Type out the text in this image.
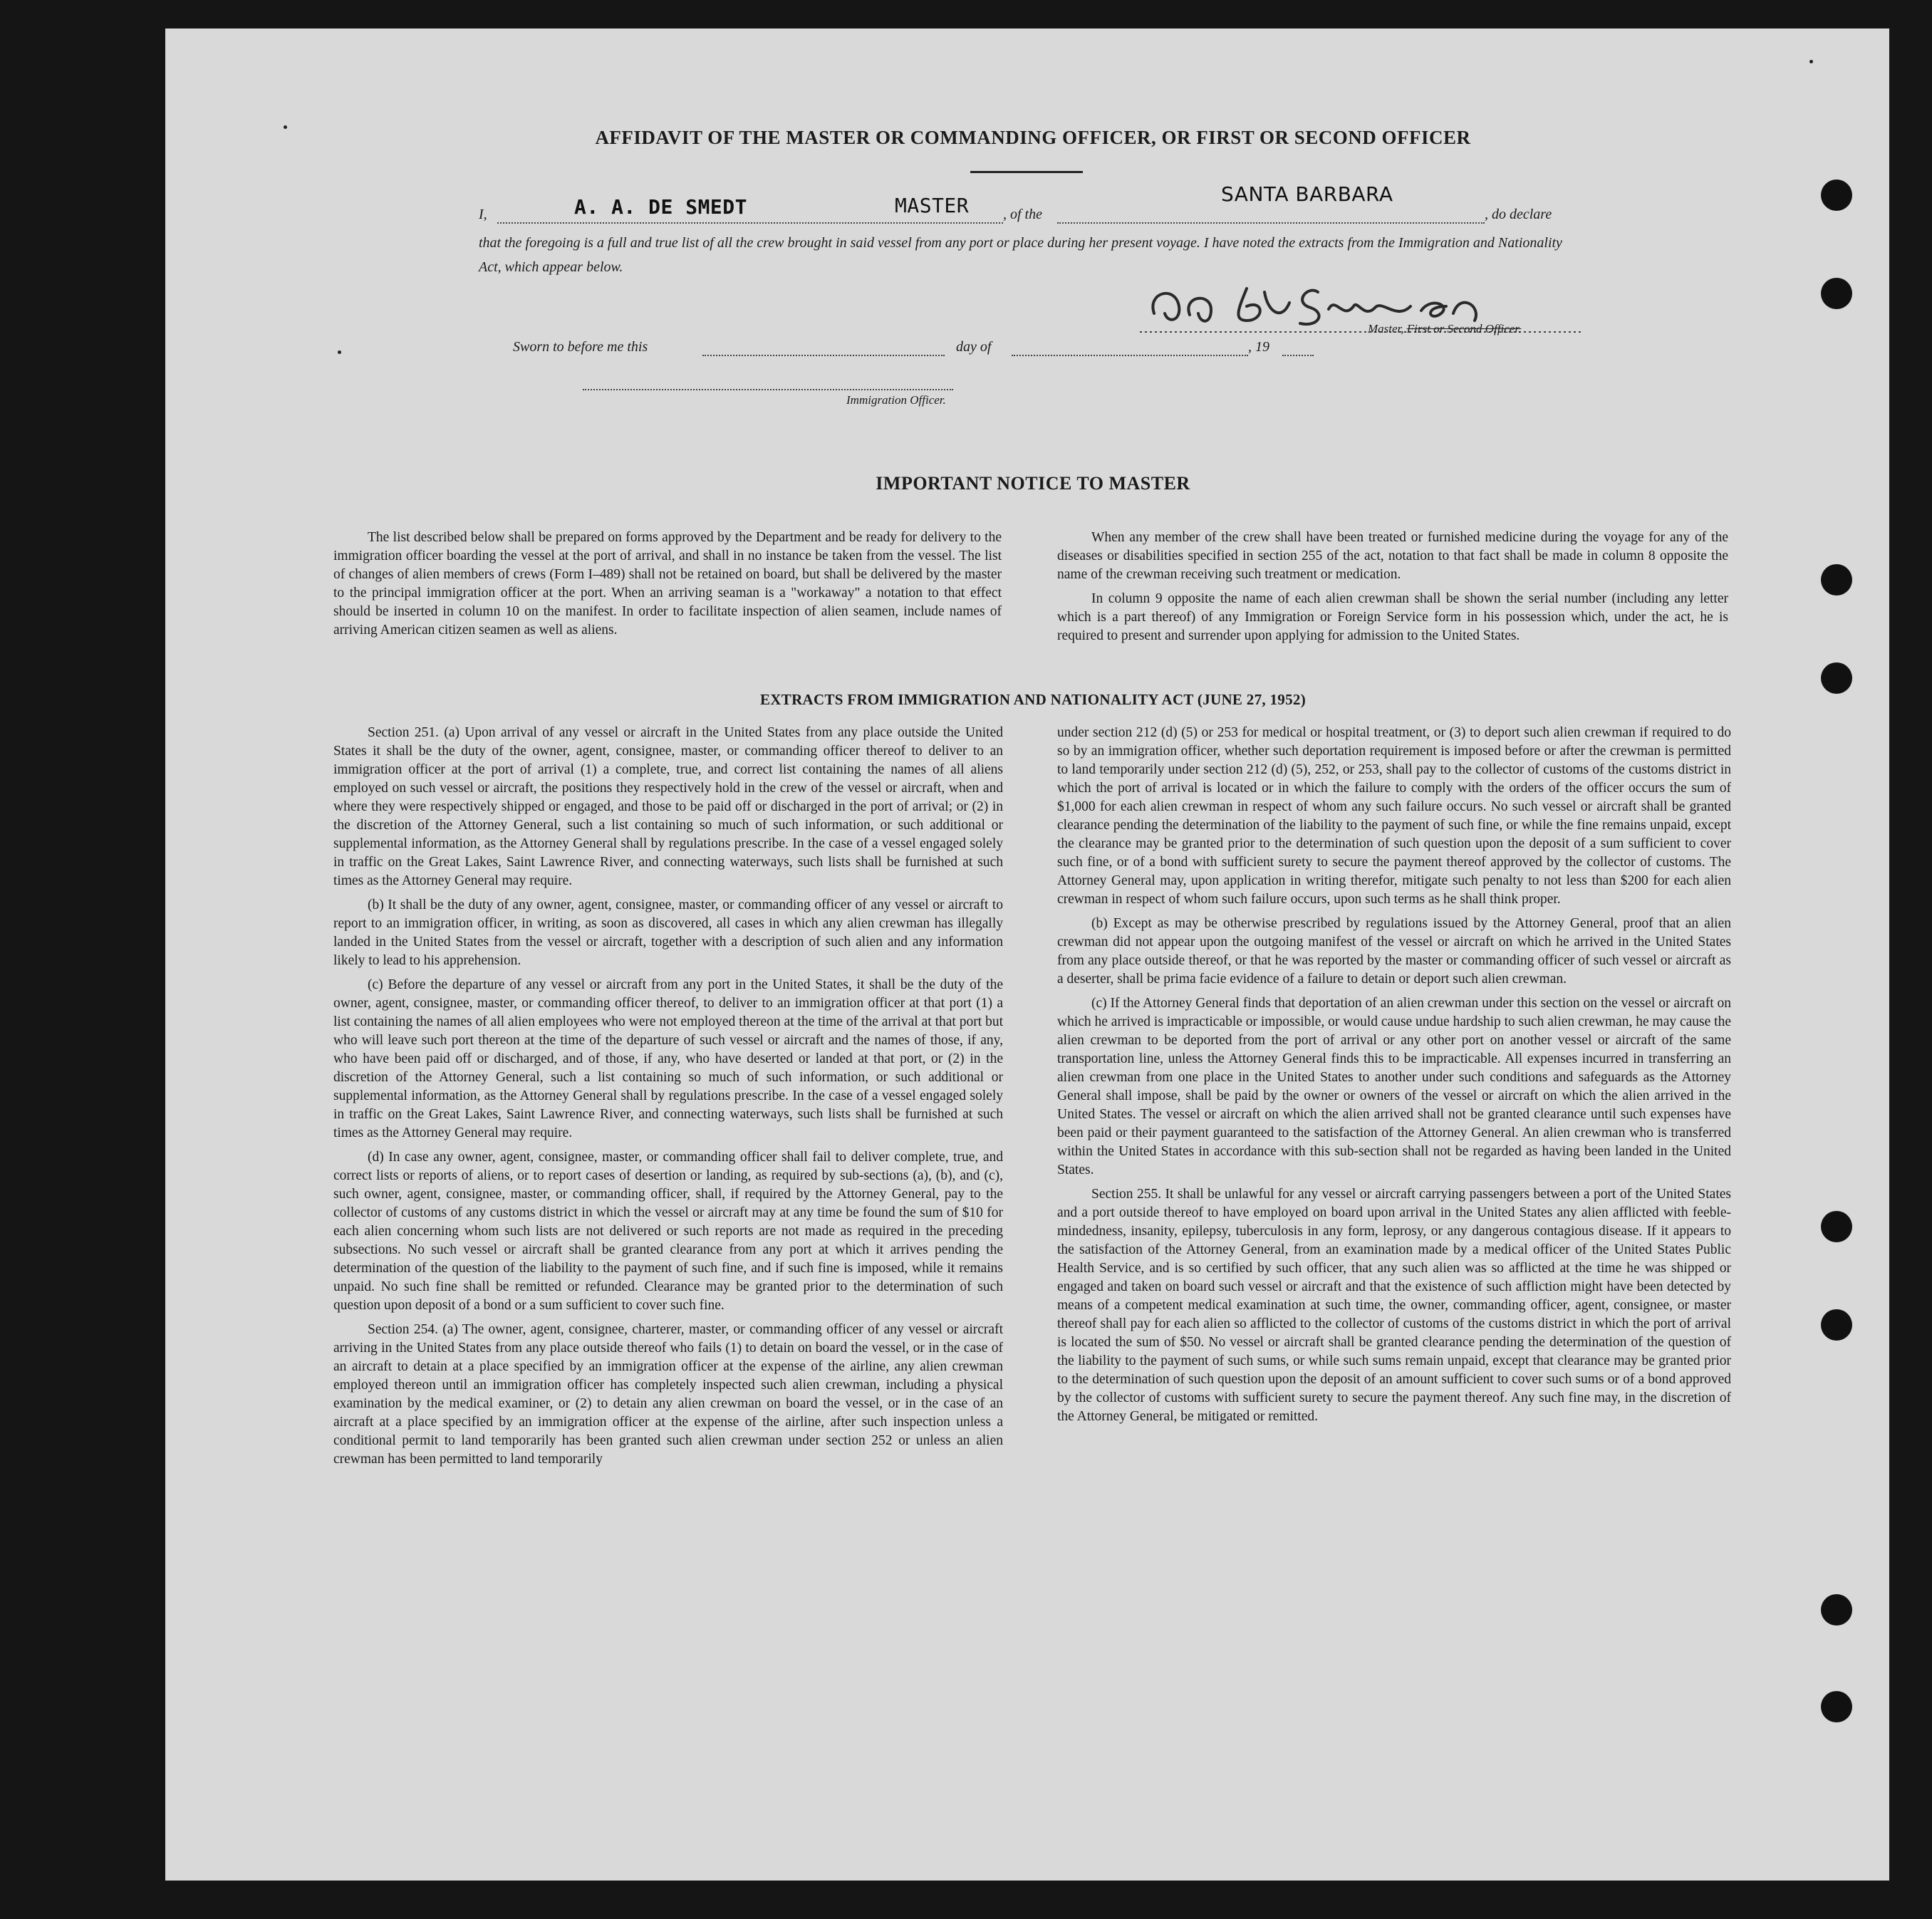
AFFIDAVIT OF THE MASTER OR COMMANDING OFFICER, OR FIRST OR SECOND OFFICER
I,	A. A. DE SMEDT	MASTER , of the
SANTA BARBARA
, do declare
that the foregoing is a full and true list of all the crew brought in said vessel from any port or place during her present voyage. I have noted the extracts from the Immigration and Nationality Act, which appear below.
Master, First or Second Officer.
Sworn to before me this	day of	, 19
Immigration Officer.
IMPORTANT NOTICE TO MASTER

The list described below shall be prepared on forms approved by the Department and be ready for delivery to the immigration officer boarding the vessel at the port of arrival, and shall in no instance be taken from the vessel. The list of changes of alien members of crews (Form I–489) shall not be retained on board, but shall be delivered by the master to the principal immigration officer at the port. When an arriving seaman is a "workaway" a notation to that effect should be inserted in column 10 on the manifest. In order to facilitate inspection of alien seamen, include names of arriving American citizen seamen as well as aliens.

When any member of the crew shall have been treated or furnished medicine during the voyage for any of the diseases or disabilities specified in section 255 of the act, notation to that fact shall be made in column 8 opposite the name of the crewman receiving such treatment or medication.

In column 9 opposite the name of each alien crewman shall be shown the serial number (including any letter which is a part thereof) of any Immigration or Foreign Service form in his possession which, under the act, he is required to present and surrender upon applying for admission to the United States.

EXTRACTS FROM IMMIGRATION AND NATIONALITY ACT (JUNE 27, 1952)

Section 251. (a) Upon arrival of any vessel or aircraft in the United States from any place outside the United States it shall be the duty of the owner, agent, consignee, master, or commanding officer thereof to deliver to an immigration officer at the port of arrival (1) a complete, true, and correct list containing the names of all aliens employed on such vessel or aircraft, the positions they respectively hold in the crew of the vessel or aircraft, when and where they were respectively shipped or engaged, and those to be paid off or discharged in the port of arrival; or (2) in the discretion of the Attorney General, such a list containing so much of such information, or such additional or supplemental information, as the Attorney General shall by regulations prescribe. In the case of a vessel engaged solely in traffic on the Great Lakes, Saint Lawrence River, and connecting waterways, such lists shall be furnished at such times as the Attorney General may require.

(b) It shall be the duty of any owner, agent, consignee, master, or commanding officer of any vessel or aircraft to report to an immigration officer, in writing, as soon as discovered, all cases in which any alien crewman has illegally landed in the United States from the vessel or aircraft, together with a description of such alien and any information likely to lead to his apprehension.

(c) Before the departure of any vessel or aircraft from any port in the United States, it shall be the duty of the owner, agent, consignee, master, or commanding officer thereof, to deliver to an immigration officer at that port (1) a list containing the names of all alien employees who were not employed thereon at the time of the arrival at that port but who will leave such port thereon at the time of the departure of such vessel or aircraft and the names of those, if any, who have been paid off or discharged, and of those, if any, who have deserted or landed at that port, or (2) in the discretion of the Attorney General, such a list containing so much of such information, or such additional or supplemental information, as the Attorney General shall by regulations prescribe. In the case of a vessel engaged solely in traffic on the Great Lakes, Saint Lawrence River, and connecting waterways, such lists shall be furnished at such times as the Attorney General may require.

(d) In case any owner, agent, consignee, master, or commanding officer shall fail to deliver complete, true, and correct lists or reports of aliens, or to report cases of desertion or landing, as required by sub-sections (a), (b), and (c), such owner, agent, consignee, master, or commanding officer, shall, if required by the Attorney General, pay to the collector of customs of any customs district in which the vessel or aircraft may at any time be found the sum of $10 for each alien concerning whom such lists are not delivered or such reports are not made as required in the preceding subsections. No such vessel or aircraft shall be granted clearance from any port at which it arrives pending the determination of the question of the liability to the payment of such fine, and if such fine is imposed, while it remains unpaid. No such fine shall be remitted or refunded. Clearance may be granted prior to the determination of such question upon deposit of a bond or a sum sufficient to cover such fine.

Section 254. (a) The owner, agent, consignee, charterer, master, or commanding officer of any vessel or aircraft arriving in the United States from any place outside thereof who fails (1) to detain on board the vessel, or in the case of an aircraft to detain at a place specified by an immigration officer at the expense of the airline, any alien crewman employed thereon until an immigration officer has completely inspected such alien crewman, including a physical examination by the medical examiner, or (2) to detain any alien crewman on board the vessel, or in the case of an aircraft at a place specified by an immigration officer at the expense of the airline, after such inspection unless a conditional permit to land temporarily has been granted such alien crewman under section 252 or unless an alien crewman has been permitted to land temporarily

under section 212 (d) (5) or 253 for medical or hospital treatment, or (3) to deport such alien crewman if required to do so by an immigration officer, whether such deportation requirement is imposed before or after the crewman is permitted to land temporarily under section 212 (d) (5), 252, or 253, shall pay to the collector of customs of the customs district in which the port of arrival is located or in which the failure to comply with the orders of the officer occurs the sum of $1,000 for each alien crewman in respect of whom any such failure occurs. No such vessel or aircraft shall be granted clearance pending the determination of the liability to the payment of such fine, or while the fine remains unpaid, except the clearance may be granted prior to the determination of such question upon the deposit of a sum sufficient to cover such fine, or of a bond with sufficient surety to secure the payment thereof approved by the collector of customs. The Attorney General may, upon application in writing therefor, mitigate such penalty to not less than $200 for each alien crewman in respect of whom such failure occurs, upon such terms as he shall think proper.

(b) Except as may be otherwise prescribed by regulations issued by the Attorney General, proof that an alien crewman did not appear upon the outgoing manifest of the vessel or aircraft on which he arrived in the United States from any place outside thereof, or that he was reported by the master or commanding officer of such vessel or aircraft as a deserter, shall be prima facie evidence of a failure to detain or deport such alien crewman.

(c) If the Attorney General finds that deportation of an alien crewman under this section on the vessel or aircraft on which he arrived is impracticable or impossible, or would cause undue hardship to such alien crewman, he may cause the alien crewman to be deported from the port of arrival or any other port on another vessel or aircraft of the same transportation line, unless the Attorney General finds this to be impracticable. All expenses incurred in transferring an alien crewman from one place in the United States to another under such conditions and safeguards as the Attorney General shall impose, shall be paid by the owner or owners of the vessel or aircraft on which the alien arrived in the United States. The vessel or aircraft on which the alien arrived shall not be granted clearance until such expenses have been paid or their payment guaranteed to the satisfaction of the Attorney General. An alien crewman who is transferred within the United States in accordance with this sub-section shall not be regarded as having been landed in the United States.

Section 255. It shall be unlawful for any vessel or aircraft carrying passengers between a port of the United States and a port outside thereof to have employed on board upon arrival in the United States any alien afflicted with feeble-mindedness, insanity, epilepsy, tuberculosis in any form, leprosy, or any dangerous contagious disease. If it appears to the satisfaction of the Attorney General, from an examination made by a medical officer of the United States Public Health Service, and is so certified by such officer, that any such alien was so afflicted at the time he was shipped or engaged and taken on board such vessel or aircraft and that the existence of such affliction might have been detected by means of a competent medical examination at such time, the owner, commanding officer, agent, consignee, or master thereof shall pay for each alien so afflicted to the collector of customs of the customs district in which the port of arrival is located the sum of $50. No vessel or aircraft shall be granted clearance pending the determination of the question of the liability to the payment of such sums, or while such sums remain unpaid, except that clearance may be granted prior to the determination of such question upon the deposit of an amount sufficient to cover such sums or of a bond approved by the collector of customs with sufficient surety to secure the payment thereof. Any such fine may, in the discretion of the Attorney General, be mitigated or remitted.
